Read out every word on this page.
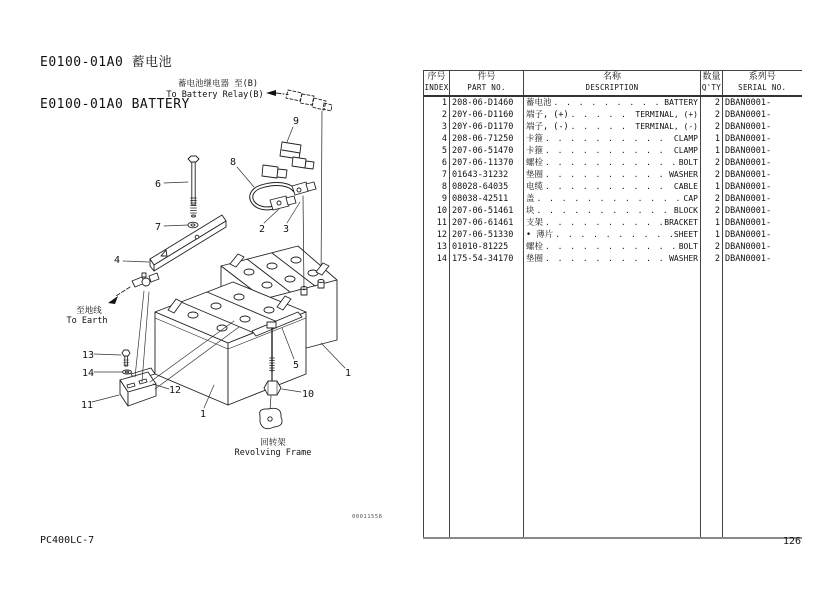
E0100-01A0 蓄电池

E0100-01A0 BATTERY

9
8
6
7	2 3
4
13
14
11
12
1
1
5
10
蓄电池继电器 至(B)
To Battery Relay(B)
至地线
To Earth
回转架
Revolving Frame
00011558
序号
INDEX

件号
PART NO.

名称
DESCRIPTION

数量
Q'TY

系列号
SERIAL NO.

1	208-06-D1460	蓄电池 . . . BATTERY	2	DBAN0001-
2	20Y-06-D1160	端子, (+) . . . TERMINAL, (+)	2	DBAN0001-
3	20Y-06-D1170	端子, (-) . . . TERMINAL, (-)	2	DBAN0001-
4	208-06-71250	卡箍 . . . CLAMP	1	DBAN0001-
5	207-06-51470	卡箍 . . . CLAMP	1	DBAN0001-
6	207-06-11370	螺栓 . . . BOLT	2	DBAN0001-
7	01643-31232	垫圈 . . . WASHER	2	DBAN0001-
8	08028-64035	电缆 . . . CABLE	1	DBAN0001-
9	08038-42511	盖 . . . CAP	2	DBAN0001-
10	207-06-51461	块 . . . BLOCK	2	DBAN0001-
11	207-06-61461	支架 . . . BRACKET	1	DBAN0001-
12	207-06-51330	• 薄片 . . . SHEET	1	DBAN0001-
13	01010-81225	螺栓 . . . BOLT	2	DBAN0001-
14	175-54-34170	垫圈 . . . WASHER	2	DBAN0001-

PC400LC-7	126
